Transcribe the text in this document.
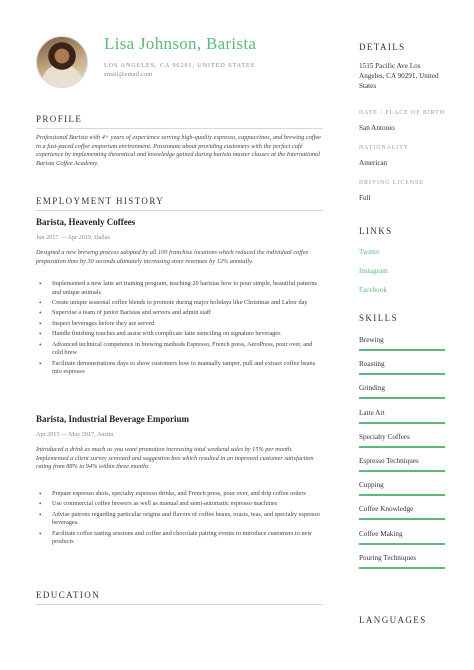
Lisa Johnson, Barista
LOS ANGELES, CA 90291, UNITED STATES email@email.com
PROFILE
Professional Barista with 4+ years of experience serving high-quality espresso, cappuccinos, and brewing coffee in a fast-paced coffee emporium environment. Passionate about providing customers with the perfect café experience by implementing theoretical and knowledge gained during barista master classes at the International Barista Coffee Academy.
EMPLOYMENT HISTORY
Barista, Heavenly Coffees
Jun 2017 — Apr 2019, Dallas
Designed a new brewing process adopted by all 100 franchise locations which reduced the individual coffee preparation time by 30 seconds ultimately increasing store revenues by 12% annually.
• Implemented a new latte art training program, teaching 20 baristas how to pour simple, beautiful patterns and unique animals
• Create unique seasonal coffee blends to promote during major holidays like Christmas and Labor day
• Supervise a team of junior Baristas and servers and admin staff
• Inspect beverages before they are served
• Handle finishing touches and assist with complicate latte stenciling on signature beverages
• Advanced technical competence in brewing methods Espresso, French press, AeroPress, pour over, and cold brew
• Facilitate demonstrations days to show customers how to manually tamper, pull and extract coffee beans into espresso
Barista, Industrial Beverage Emporium
Apr 2015 — May 2017, Austin
Introduced a drink as much as you want promotion increasing total weekend sales by 15% per month. Implemented a client survey scoreard and suggestion box which resulted in an improved customer satisfaction rating from 88% to 94% within three months
• Prepare espresso shots, specialty espresso drinks, and French press, pour over, and drip coffee orders
• Use commercial coffee brewers as well as manual and semi-automatic espresso machines
• Advise patrons regarding particular origins and flavors of coffee beans, roasts, teas, and specialty espresso beverages.
• Facilitate coffee tasting sessions and coffee and chocolate pairing events to introduce customers to new products
EDUCATION
DETAILS
1515 Pacific Ave Los Angeles, CA 90291, United States
DATE / PLACE OF BIRTH
San Antonio
NATIONALITY
American
DRIVING LICENSE
Full
LINKS
Twitter
Instagram
Facebook
SKILLS
Brewing
Roasting
Grinding
Latte Art
Specialty Coffees
Espresso Techniques
Cupping
Coffee Knowledge
Coffee Making
Pouring Techniques
LANGUAGES
